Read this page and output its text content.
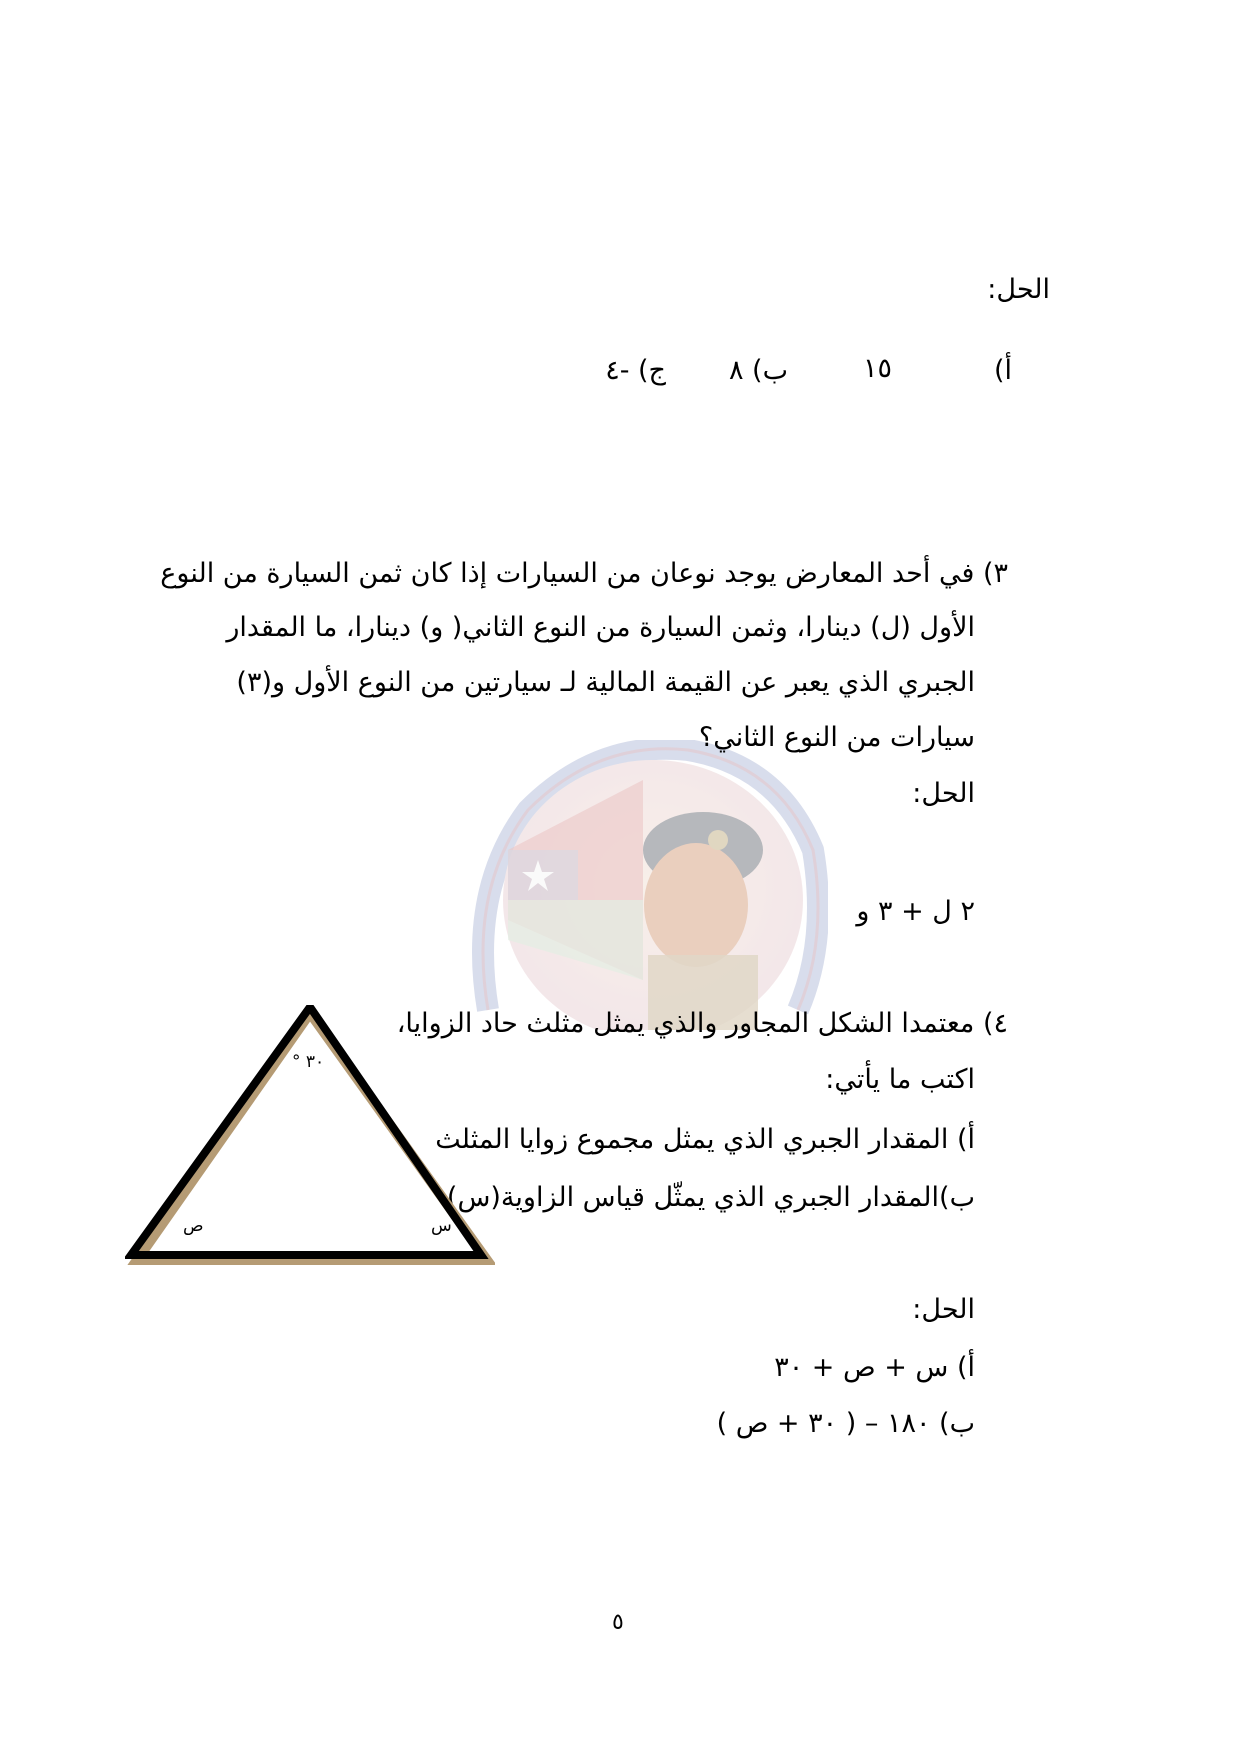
الحل:
أ)
١٥
ب) ٨
ج) -٤
٣) في أحد المعارض يوجد نوعان من السيارات إذا كان ثمن السيارة من النوع
الأول (ل) دينارا، وثمن السيارة من النوع الثاني( و) دينارا، ما المقدار
الجبري الذي يعبر عن القيمة المالية لـ سيارتين من النوع الأول و(٣)
سيارات من النوع الثاني؟
الحل:
٢ ل + ٣ و
٤) معتمدا الشكل المجاور والذي يمثل مثلث حاد الزوايا،
اكتب ما يأتي:
أ) المقدار الجبري الذي يمثل مجموع زوايا المثلث
ب)المقدار الجبري الذي يمثّل قياس الزاوية(س)
٣٠ °
ص	س
الحل:
أ) س + ص + ٣٠
ب) ١٨٠ – ( ٣٠ + ص )
٥
